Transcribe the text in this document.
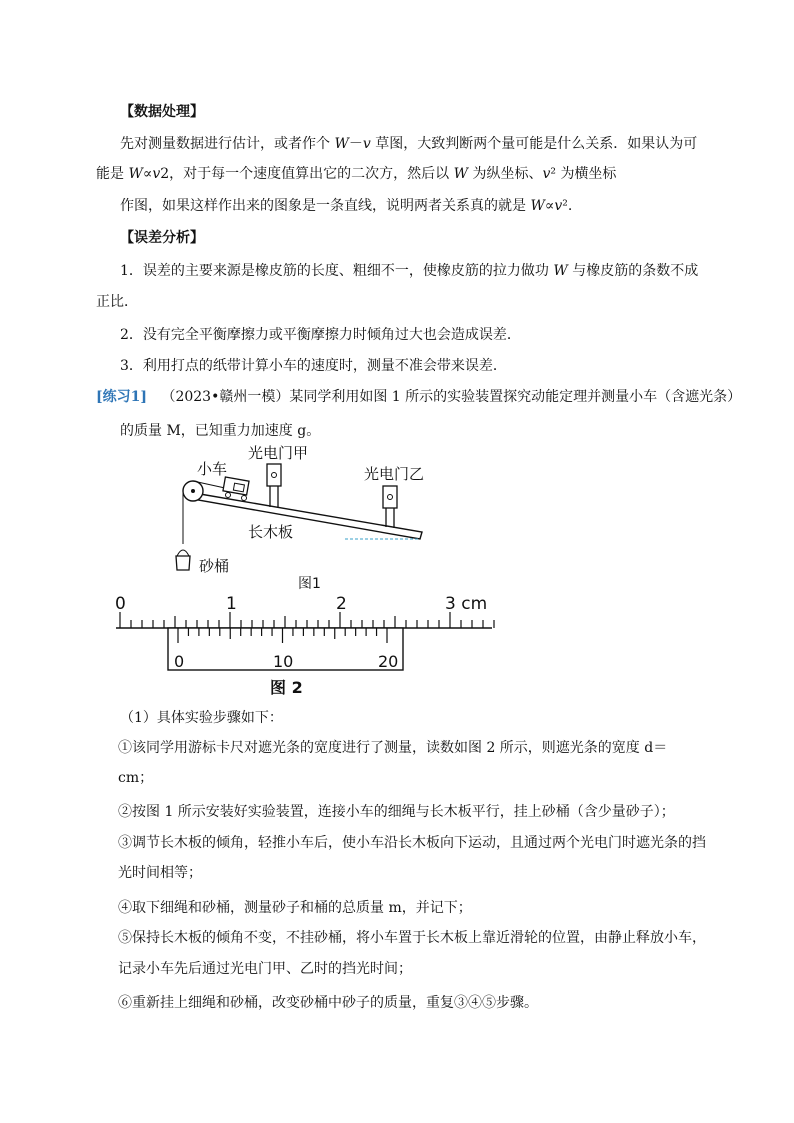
【数据处理】
先对测量数据进行估计，或者作个 W－v 草图，大致判断两个量可能是什么关系．如果认为可
能是 W∝v2，对于每一个速度值算出它的二次方，然后以 W 为纵坐标、v² 为横坐标
作图，如果这样作出来的图象是一条直线，说明两者关系真的就是 W∝v².
【误差分析】
1．误差的主要来源是橡皮筋的长度、粗细不一，使橡皮筋的拉力做功 W 与橡皮筋的条数不成
正比．
2．没有完全平衡摩擦力或平衡摩擦力时倾角过大也会造成误差．
3．利用打点的纸带计算小车的速度时，测量不准会带来误差．
[练习1] （2023•赣州一模）某同学利用如图 1 所示的实验装置探究动能定理并测量小车（含遮光条）
的质量 M，已知重力加速度 g。
小车
光电门甲
光电门乙
长木板
砂桶
图1
0	1	2	3 cm
0	10	20
图 2
（1）具体实验步骤如下：
①该同学用游标卡尺对遮光条的宽度进行了测量，读数如图 2 所示，则遮光条的宽度 d＝
cm；
②按图 1 所示安装好实验装置，连接小车的细绳与长木板平行，挂上砂桶（含少量砂子）；
③调节长木板的倾角，轻推小车后，使小车沿长木板向下运动，且通过两个光电门时遮光条的挡
光时间相等；
④取下细绳和砂桶，测量砂子和桶的总质量 m，并记下；
⑤保持长木板的倾角不变，不挂砂桶，将小车置于长木板上靠近滑轮的位置，由静止释放小车，
记录小车先后通过光电门甲、乙时的挡光时间；
⑥重新挂上细绳和砂桶，改变砂桶中砂子的质量，重复③④⑤步骤。
